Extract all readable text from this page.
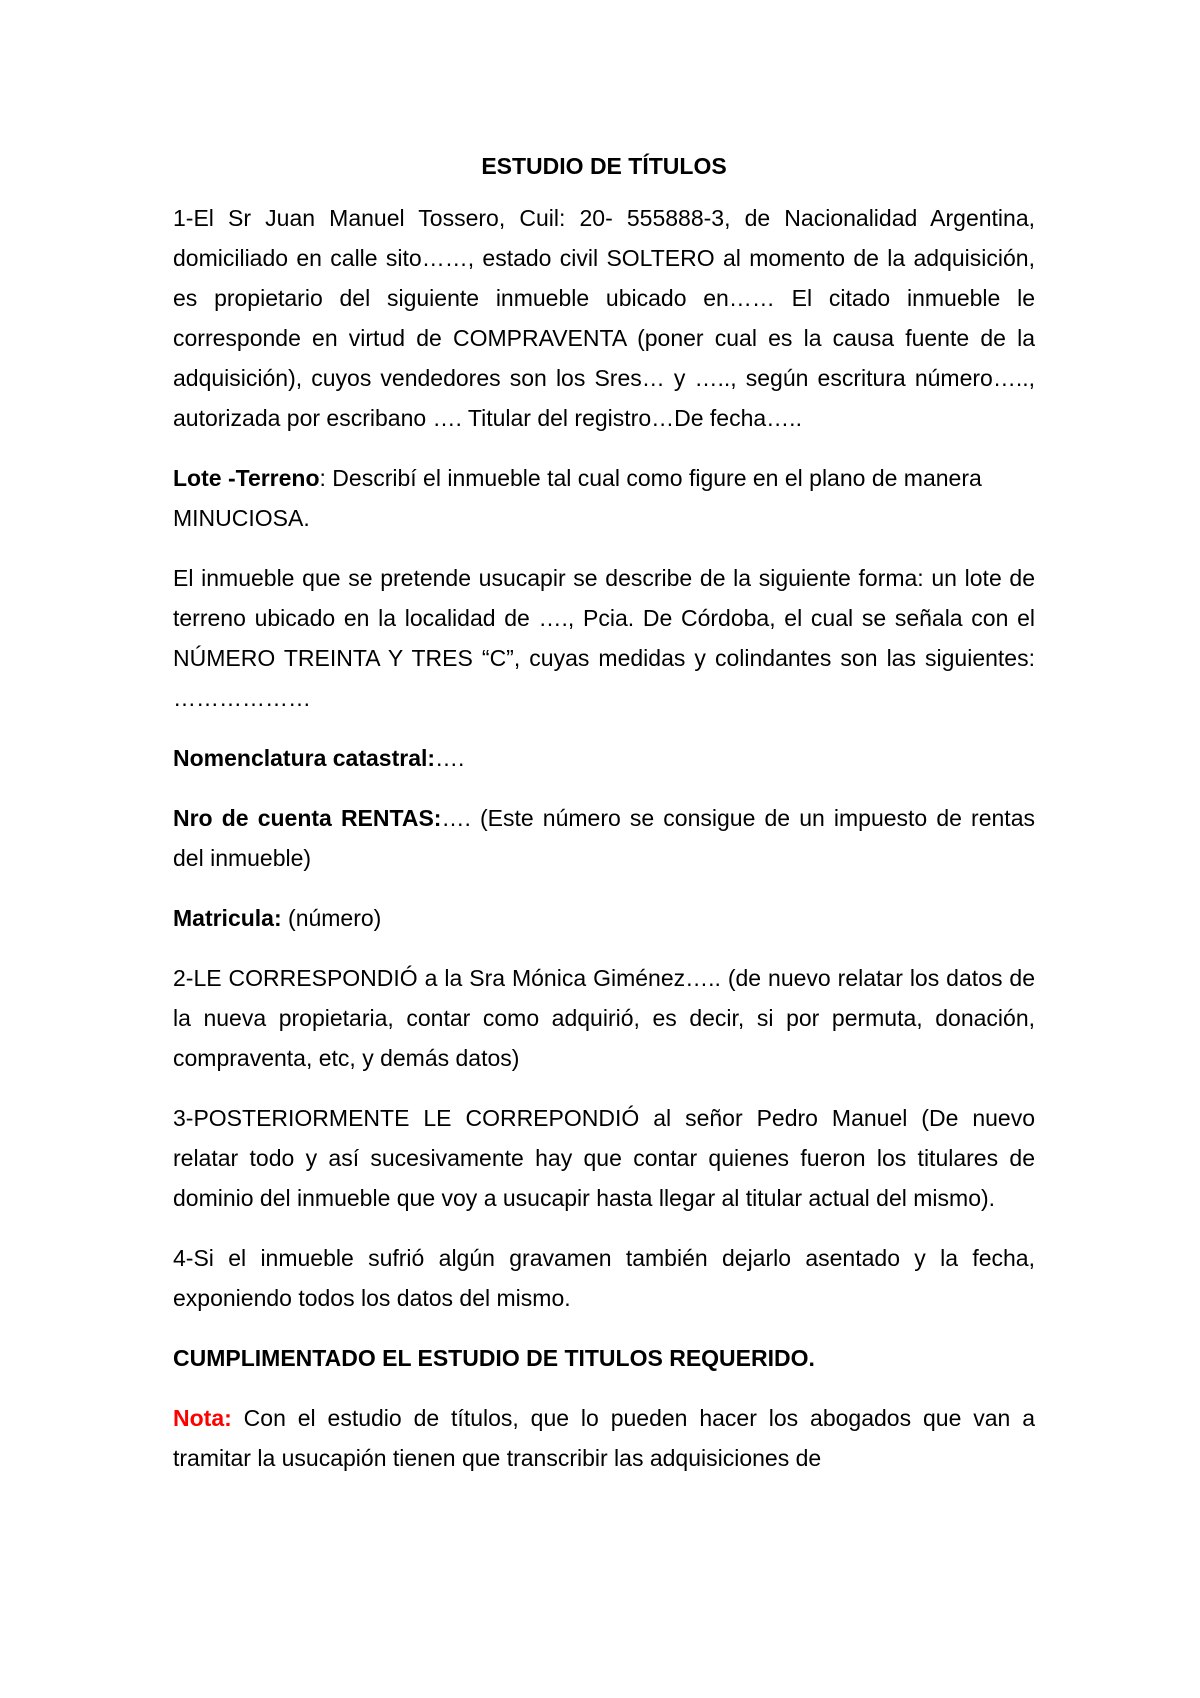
ESTUDIO DE TÍTULOS

1-El Sr Juan Manuel Tossero, Cuil: 20- 555888-3, de Nacionalidad Argentina, domiciliado en calle sito……, estado civil SOLTERO al momento de la adquisición, es propietario del siguiente inmueble ubicado en…… El citado inmueble le corresponde en virtud de COMPRAVENTA (poner cual es la causa fuente de la adquisición), cuyos vendedores son los Sres… y ….., según escritura número….., autorizada por escribano …. Titular del registro…De fecha…..

Lote -Terreno: Describí el inmueble tal cual como figure en el plano de manera MINUCIOSA.

El inmueble que se pretende usucapir se describe de la siguiente forma: un lote de terreno ubicado en la localidad de …., Pcia. De Córdoba, el cual se señala con el NÚMERO TREINTA Y TRES “C”, cuyas medidas y colindantes son las siguientes: ………………

Nomenclatura catastral:….

Nro de cuenta RENTAS:…. (Este número se consigue de un impuesto de rentas del inmueble)

Matricula: (número)

2-LE CORRESPONDIÓ a la Sra Mónica Giménez….. (de nuevo relatar los datos de la nueva propietaria, contar como adquirió, es decir, si por permuta, donación, compraventa, etc, y demás datos)

3-POSTERIORMENTE LE CORREPONDIÓ al señor Pedro Manuel (De nuevo relatar todo y así sucesivamente hay que contar quienes fueron los titulares de dominio del inmueble que voy a usucapir hasta llegar al titular actual del mismo).

4-Si el inmueble sufrió algún gravamen también dejarlo asentado y la fecha, exponiendo todos los datos del mismo.

CUMPLIMENTADO EL ESTUDIO DE TITULOS REQUERIDO.

Nota: Con el estudio de títulos, que lo pueden hacer los abogados que van a tramitar la usucapión tienen que transcribir las adquisiciones de
